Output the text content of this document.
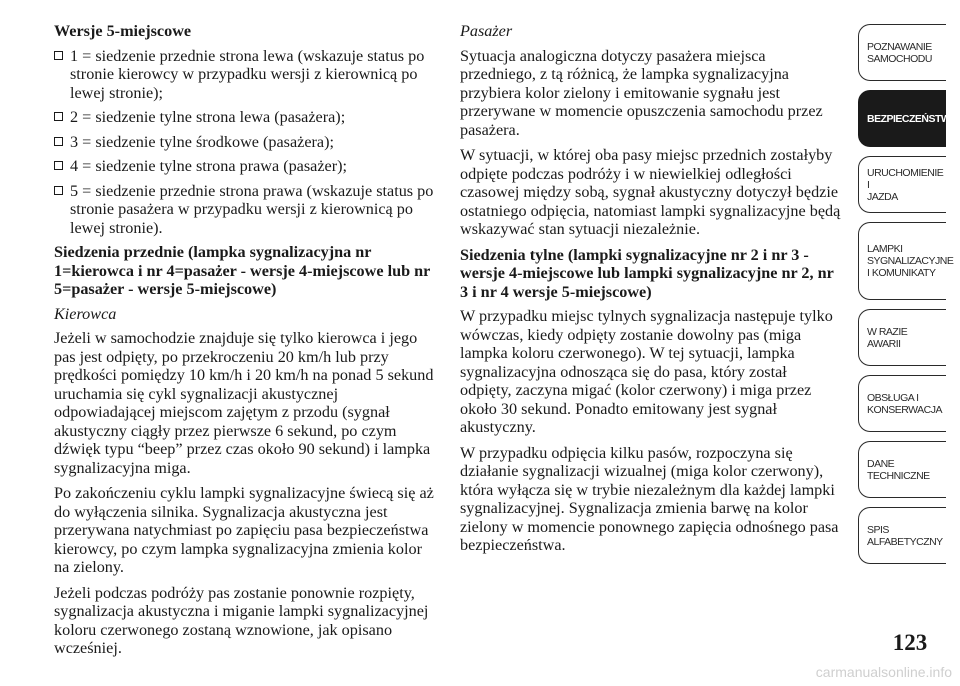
Wersje 5-miejscowe
1 = siedzenie przednie strona lewa (wskazuje status po stronie kierowcy w przypadku wersji z kierownicą po lewej stronie);
2 = siedzenie tylne strona lewa (pasażera);
3 = siedzenie tylne środkowe (pasażera);
4 = siedzenie tylne strona prawa (pasażer);
5 = siedzenie przednie strona prawa (wskazuje status po stronie pasażera w przypadku wersji z kierownicą po lewej stronie).
Siedzenia przednie (lampka sygnalizacyjna nr 1=kierowca i nr 4=pasażer - wersje 4-miejscowe lub nr 5=pasażer - wersje 5-miejscowe)

Kierowca

Jeżeli w samochodzie znajduje się tylko kierowca i jego pas jest odpięty, po przekroczeniu 20 km/h lub przy prędkości pomiędzy 10 km/h i 20 km/h na ponad 5 sekund uruchamia się cykl sygnalizacji akustycznej odpowiadającej miejscom zajętym z przodu (sygnał akustyczny ciągły przez pierwsze 6 sekund, po czym dźwięk typu “beep” przez czas około 90 sekund) i lampka sygnalizacyjna miga.

Po zakończeniu cyklu lampki sygnalizacyjne świecą się aż do wyłączenia silnika. Sygnalizacja akustyczna jest przerywana natychmiast po zapięciu pasa bezpieczeństwa kierowcy, po czym lampka sygnalizacyjna zmienia kolor na zielony.

Jeżeli podczas podróży pas zostanie ponownie rozpięty, sygnalizacja akustyczna i miganie lampki sygnalizacyjnej koloru czerwonego zostaną wznowione, jak opisano wcześniej.

Pasażer

Sytuacja analogiczna dotyczy pasażera miejsca przedniego, z tą różnicą, że lampka sygnalizacyjna przybiera kolor zielony i emitowanie sygnału jest przerywane w momencie opuszczenia samochodu przez pasażera.

W sytuacji, w której oba pasy miejsc przednich zostałyby odpięte podczas podróży i w niewielkiej odległości czasowej między sobą, sygnał akustyczny dotyczył będzie ostatniego odpięcia, natomiast lampki sygnalizacyjne będą wskazywać stan sytuacji niezależnie.

Siedzenia tylne (lampki sygnalizacyjne nr 2 i nr 3 - wersje 4-miejscowe lub lampki sygnalizacyjne nr 2, nr 3 i nr 4 wersje 5-miejscowe)

W przypadku miejsc tylnych sygnalizacja następuje tylko wówczas, kiedy odpięty zostanie dowolny pas (miga lampka koloru czerwonego). W tej sytuacji, lampka sygnalizacyjna odnosząca się do pasa, który został odpięty, zaczyna migać (kolor czerwony) i miga przez około 30 sekund. Ponadto emitowany jest sygnał akustyczny.

W przypadku odpięcia kilku pasów, rozpoczyna się działanie sygnalizacji wizualnej (miga kolor czerwony), która wyłącza się w trybie niezależnym dla każdej lampki sygnalizacyjnej. Sygnalizacja zmienia barwę na kolor zielony w momencie ponownego zapięcia odnośnego pasa bezpieczeństwa.

POZNAWANIE
SAMOCHODU
BEZPIECZEŃSTWO
URUCHOMIENIE I
JAZDA
LAMPKI
SYGNALIZACYJNE
I KOMUNIKATY
W RAZIE AWARII
OBSŁUGA I
KONSERWACJA
DANE
TECHNICZNE
SPIS
ALFABETYCZNY
123
carmanualsonline.info
